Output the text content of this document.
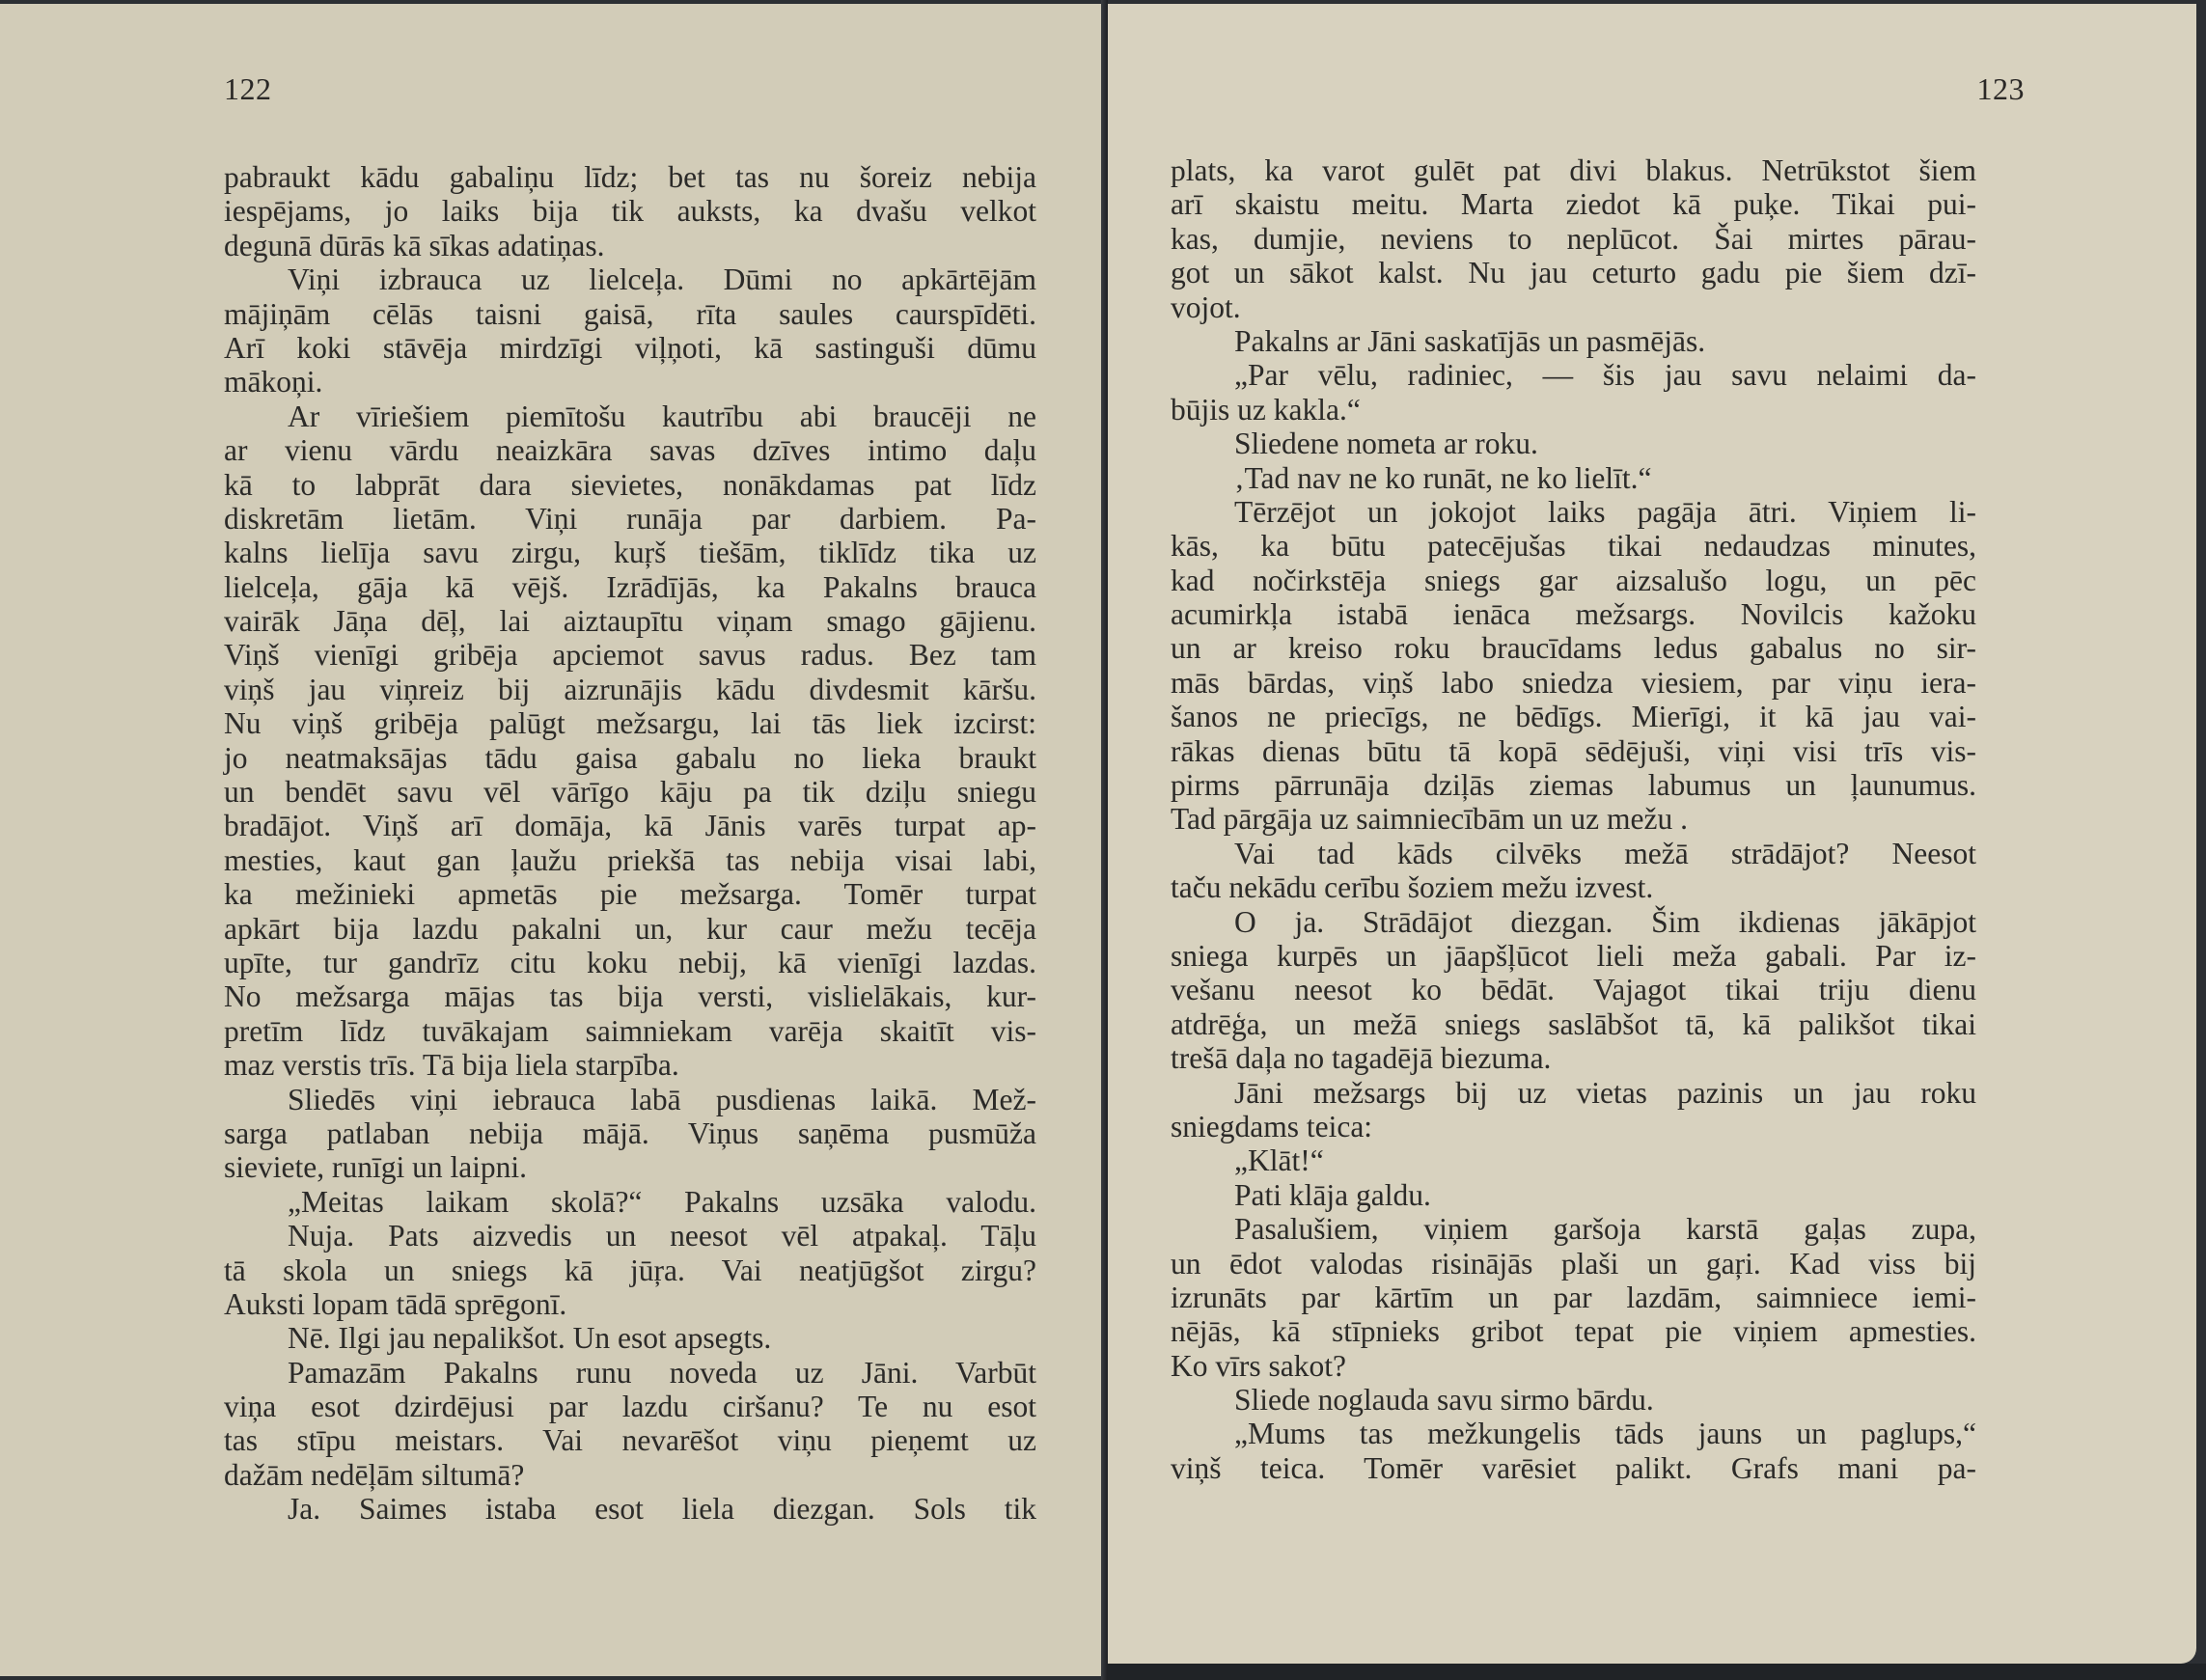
122
pabraukt kādu gabaliņu līdz; bet tas nu šoreiz nebija
iespējams, jo laiks bija tik auksts, ka dvašu velkot
degunā dūrās kā sīkas adatiņas.
Viņi izbrauca uz lielceļa. Dūmi no apkārtējām
mājiņām cēlās taisni gaisā, rīta saules caurspīdēti.
Arī koki stāvēja mirdzīgi viļņoti, kā sastinguši dūmu
mākoņi.
Ar vīriešiem piemītošu kautrību abi braucēji ne
ar vienu vārdu neaizkāra savas dzīves intimo daļu
kā to labprāt dara sievietes, nonākdamas pat līdz
diskretām lietām. Viņi runāja par darbiem. Pa-
kalns lielīja savu zirgu, kuŗš tiešām, tiklīdz tika uz
lielceļa, gāja kā vējš. Izrādījās, ka Pakalns brauca
vairāk Jāņa dēļ, lai aiztaupītu viņam smago gājienu.
Viņš vienīgi gribēja apciemot savus radus. Bez tam
viņš jau viņreiz bij aizrunājis kādu divdesmit kāršu.
Nu viņš gribēja palūgt mežsargu, lai tās liek izcirst:
jo neatmaksājas tādu gaisa gabalu no lieka braukt
un bendēt savu vēl vārīgo kāju pa tik dziļu sniegu
bradājot. Viņš arī domāja, kā Jānis varēs turpat ap-
mesties, kaut gan ļaužu priekšā tas nebija visai labi,
ka mežinieki apmetās pie mežsarga. Tomēr turpat
apkārt bija lazdu pakalni un, kur caur mežu tecēja
upīte, tur gandrīz citu koku nebij, kā vienīgi lazdas.
No mežsarga mājas tas bija versti, vislielākais, kur-
pretīm līdz tuvākajam saimniekam varēja skaitīt vis-
maz verstis trīs. Tā bija liela starpība.
Sliedēs viņi iebrauca labā pusdienas laikā. Mež-
sarga patlaban nebija mājā. Viņus saņēma pusmūža
sieviete, runīgi un laipni.
„Meitas laikam skolā?“ Pakalns uzsāka valodu.
Nuja. Pats aizvedis un neesot vēl atpakaļ. Tāļu
tā skola un sniegs kā jūŗa. Vai neatjūgšot zirgu?
Auksti lopam tādā sprēgonī.
Nē. Ilgi jau nepalikšot. Un esot apsegts.
Pamazām Pakalns runu noveda uz Jāni. Varbūt
viņa esot dzirdējusi par lazdu ciršanu? Te nu esot
tas stīpu meistars. Vai nevarēšot viņu pieņemt uz
dažām nedēļām siltumā?
Ja. Saimes istaba esot liela diezgan. Sols tik
123
plats, ka varot gulēt pat divi blakus. Netrūkstot šiem
arī skaistu meitu. Marta ziedot kā puķe. Tikai pui-
kas, dumjie, neviens to neplūcot. Šai mirtes pārau-
got un sākot kalst. Nu jau ceturto gadu pie šiem dzī-
vojot.
Pakalns ar Jāni saskatījās un pasmējās.
„Par vēlu, radiniec, — šis jau savu nelaimi da-
būjis uz kakla.“
Sliedene nometa ar roku.
‚Tad nav ne ko runāt, ne ko lielīt.“
Tērzējot un jokojot laiks pagāja ātri. Viņiem li-
kās, ka būtu patecējušas tikai nedaudzas minutes,
kad nočirkstēja sniegs gar aizsalušo logu, un pēc
acumirkļa istabā ienāca mežsargs. Novilcis kažoku
un ar kreiso roku braucīdams ledus gabalus no sir-
mās bārdas, viņš labo sniedza viesiem, par viņu iera-
šanos ne priecīgs, ne bēdīgs. Mierīgi, it kā jau vai-
rākas dienas būtu tā kopā sēdējuši, viņi visi trīs vis-
pirms pārrunāja dziļās ziemas labumus un ļaunumus.
Tad pārgāja uz saimniecībām un uz mežu .
Vai tad kāds cilvēks mežā strādājot? Neesot
taču nekādu cerību šoziem mežu izvest.
O ja. Strādājot diezgan. Šim ikdienas jākāpjot
sniega kurpēs un jāapšļūcot lieli meža gabali. Par iz-
vešanu neesot ko bēdāt. Vajagot tikai triju dienu
atdrēģa, un mežā sniegs saslābšot tā, kā palikšot tikai
trešā daļa no tagadējā biezuma.
Jāni mežsargs bij uz vietas pazinis un jau roku
sniegdams teica:
„Klāt!“
Pati klāja galdu.
Pasalušiem, viņiem garšoja karstā gaļas zupa,
un ēdot valodas risinājās plaši un gaŗi. Kad viss bij
izrunāts par kārtīm un par lazdām, saimniece iemi-
nējās, kā stīpnieks gribot tepat pie viņiem apmesties.
Ko vīrs sakot?
Sliede noglauda savu sirmo bārdu.
„Mums tas mežkungelis tāds jauns un paglups,“
viņš teica. Tomēr varēsiet palikt. Grafs mani pa-
